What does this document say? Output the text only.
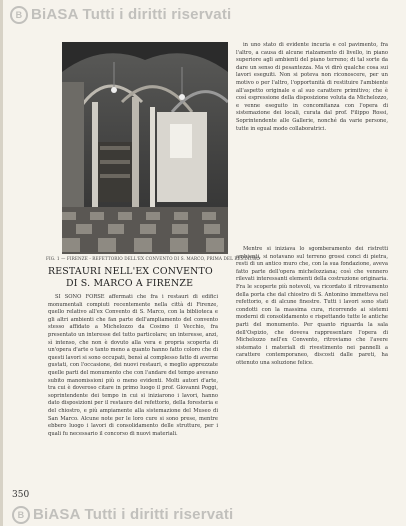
B BiASA Tutti i diritti riservati
FIG. 1 — FIRENZE - REFETTORIO DELL'EX CONVENTO DI S. MARCO, PRIMA DEL RESTAURO
RESTAURI NELL'EX CONVENTO
DI S. MARCO A FIRENZE

SI SONO FORSE affermati che fra i restauri di edifici monumentali compiuti recentemente nella città di Firenze, quello relativo all'ex Convento di S. Marco, con la biblioteca e gli altri ambienti che fan parte dell'ampliamento del convento stesso affidato a Michelozzo da Cosimo il Vecchio, fra presentato un interesse del tutto particolare; un interesse, anzi, sì intenso, che non è dovuto alla vera e propria scoperta di un'opera d'arte o tanto meno a quanto hanno fatto coloro che di questi lavori si sono occupati, bensì al complesso fatto di averne gustati, con l'occasione, dei nuovi restauri, e meglio apprezzate quelle parti del monumento che con l'andare del tempo avevano subito manomissioni più o meno evidenti. Molti autori d'arte, tra cui è doveroso citare in primo luogo il prof. Giovanni Poggi, soprintendente dei tempo in cui si iniziarono i lavori, hanno dato disposizioni per il restauro del refettorio, della foresteria e del chiostro, e più ampiamente alla sistemazione del Museo di San Marco. Alcune note per le loro cure si sono prese, mentre ebbero luogo i lavori di consolidamento delle strutture, per i quali fu necessario il concorso di nuovi materiali.

in uno stato di evidente incuria e col pavimento, fra l'altro, a causa di alcune rialzamento di livello, in piano superiore agli ambienti del piano terreno; di tal sorte da dare un senso di pesantezza. Ma vi dirò qualche cosa sui lavori eseguiti. Non si poteva non riconoscere, per un motivo o per l'altro, l'opportunità di restituire l'ambiente all'aspetto originale e al suo carattere primitivo; che è così espressione della disposizione voluta da Michelozzo, e venne eseguito in concomitanza con l'opera di sistemazione dei locali, curata dal prof. Filippo Rossi, Soprintendente alle Gallerie, nonché da varie persone, tutte in egual modo collaboratrici.

Mentre si iniziava lo sgomberamento dei ristretti ambienti, si notavano sul terreno grossi conci di pietra, resti di un antico muro che, con la sua fondazione, aveva fatto parte dell'opera michelozziana; così che vennero rilevati interessanti elementi della costruzione originaria. Fra le scoperte più notevoli, va ricordato il ritrovamento della porta che dal chiostro di S. Antonino immetteva nel refettorio, e di alcune finestre. Tutti i lavori sono stati condotti con la massima cura, ricorrendo ai sistemi moderni di consolidamento e rispettando tutte le antiche parti del monumento. Per quanto riguarda la sala dell'Ospizio, che doveva rappresentare l'opera di Michelozzo nell'ex Convento, ritroviamo che l'avere sistemato i materiali di rivestimento nei pannelli a carattere contemporaneo, discosti dalle pareti, ha ottenuto una soluzione felice.

350
B BiASA Tutti i diritti riservati
